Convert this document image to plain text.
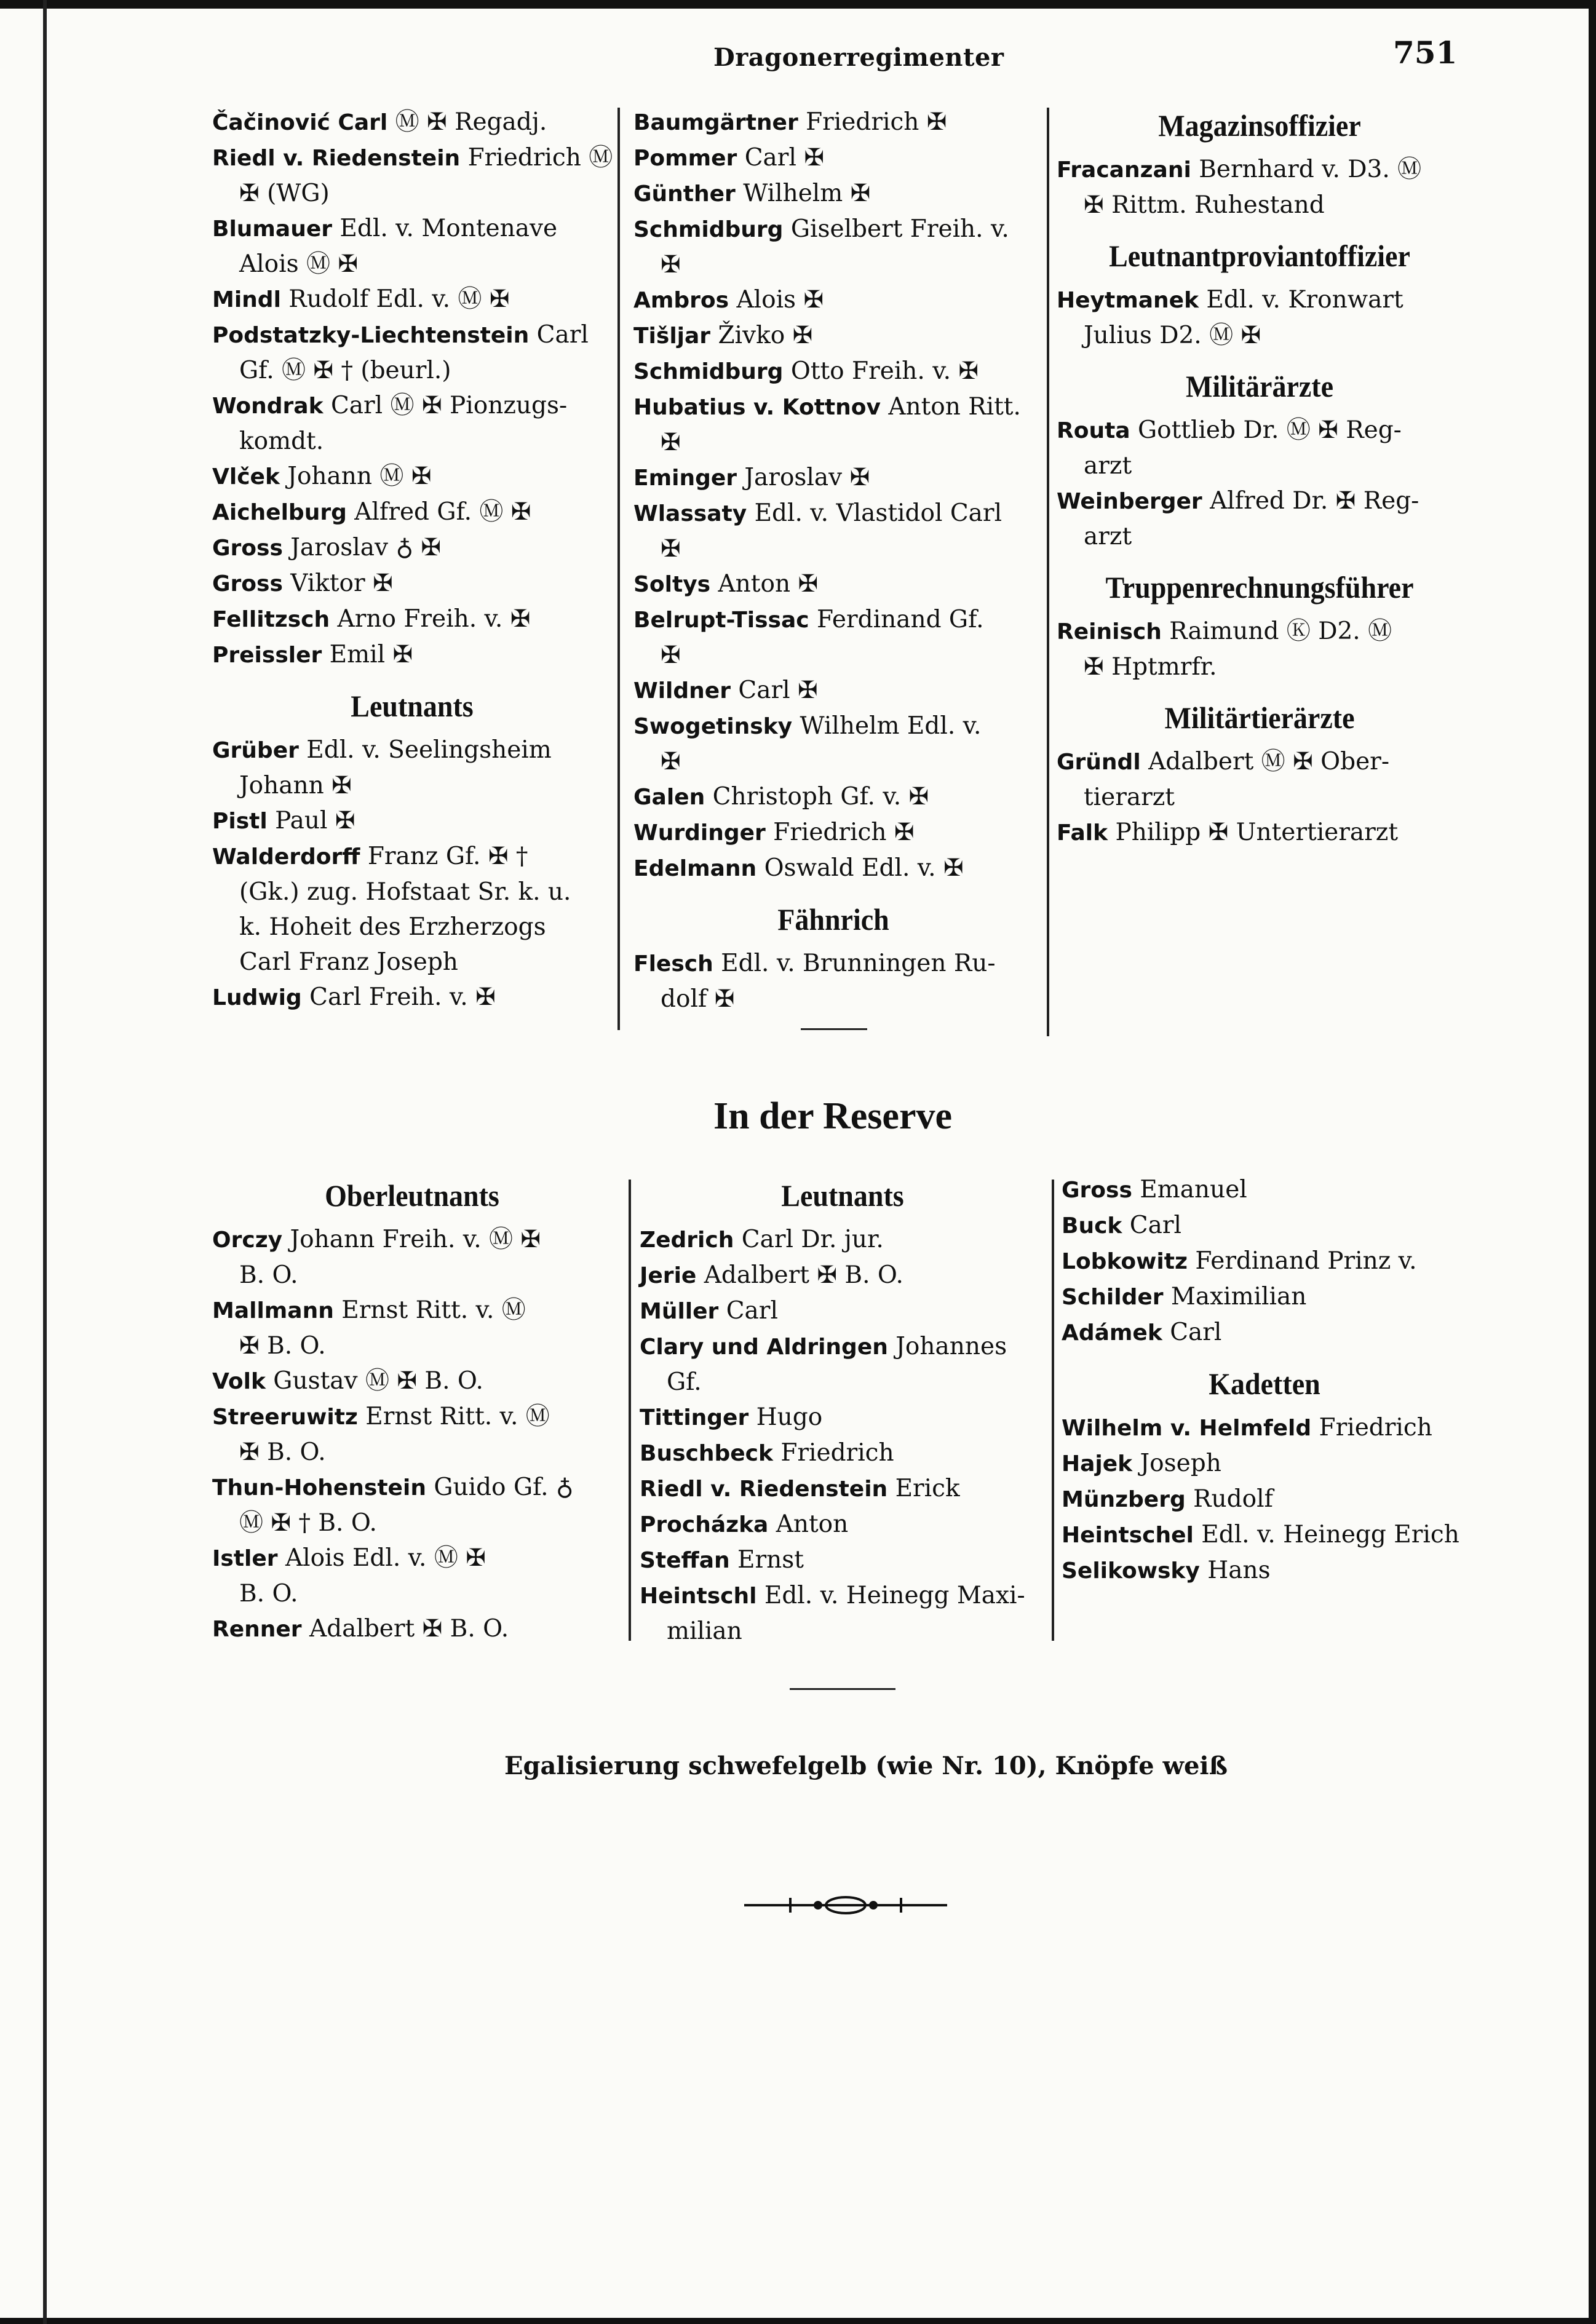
Dragonerregimenter	751
Čačinović Carl Ⓜ ✠ Regadj.
Riedl v. Riedenstein Friedrich Ⓜ
✠ (WG)
Blumauer Edl. v. Montenave
Alois Ⓜ ✠
Mindl Rudolf Edl. v. Ⓜ ✠
Podstatzky-Liechtenstein Carl
Gf. Ⓜ ✠ † (beurl.)
Wondrak Carl Ⓜ ✠ Pionzugs-
komdt.
Vlček Johann Ⓜ ✠
Aichelburg Alfred Gf. Ⓜ ✠
Gross Jaroslav ♁ ✠
Gross Viktor ✠
Fellitzsch Arno Freih. v. ✠
Preissler Emil ✠
Leutnants
Grüber Edl. v. Seelingsheim
Johann ✠
Pistl Paul ✠
Walderdorff Franz Gf. ✠ †
(Gk.) zug. Hofstaat Sr. k. u.
k. Hoheit des Erzherzogs
Carl Franz Joseph
Ludwig Carl Freih. v. ✠
Baumgärtner Friedrich ✠
Pommer Carl ✠
Günther Wilhelm ✠
Schmidburg Giselbert Freih. v.
✠
Ambros Alois ✠
Tišljar Živko ✠
Schmidburg Otto Freih. v. ✠
Hubatius v. Kottnov Anton Ritt.
✠
Eminger Jaroslav ✠
Wlassaty Edl. v. Vlastidol Carl
✠
Soltys Anton ✠
Belrupt-Tissac Ferdinand Gf.
✠
Wildner Carl ✠
Swogetinsky Wilhelm Edl. v.
✠
Galen Christoph Gf. v. ✠
Wurdinger Friedrich ✠
Edelmann Oswald Edl. v. ✠
Fähnrich
Flesch Edl. v. Brunningen Ru-
dolf ✠
Magazinsoffizier
Fracanzani Bernhard v. D3. Ⓜ
✠ Rittm. Ruhestand
Leutnantproviantoffizier
Heytmanek Edl. v. Kronwart
Julius D2. Ⓜ ✠
Militärärzte
Routa Gottlieb Dr. Ⓜ ✠ Reg-
arzt
Weinberger Alfred Dr. ✠ Reg-
arzt
Truppenrechnungsführer
Reinisch Raimund Ⓚ D2. Ⓜ
✠ Hptmrfr.
Militärtierärzte
Gründl Adalbert Ⓜ ✠ Ober-
tierarzt
Falk Philipp ✠ Untertierarzt
In der Reserve
Oberleutnants
Orczy Johann Freih. v. Ⓜ ✠
B. O.
Mallmann Ernst Ritt. v. Ⓜ
✠ B. O.
Volk Gustav Ⓜ ✠ B. O.
Streeruwitz Ernst Ritt. v. Ⓜ
✠ B. O.
Thun-Hohenstein Guido Gf. ♁
Ⓜ ✠ † B. O.
Istler Alois Edl. v. Ⓜ ✠
B. O.
Renner Adalbert ✠ B. O.
Leutnants
Zedrich Carl Dr. jur.
Jerie Adalbert ✠ B. O.
Müller Carl
Clary und Aldringen Johannes
Gf.
Tittinger Hugo
Buschbeck Friedrich
Riedl v. Riedenstein Erick
Procházka Anton
Steffan Ernst
Heintschl Edl. v. Heinegg Maxi-
milian
Gross Emanuel
Buck Carl
Lobkowitz Ferdinand Prinz v.
Schilder Maximilian
Adámek Carl
Kadetten
Wilhelm v. Helmfeld Friedrich
Hajek Joseph
Münzberg Rudolf
Heintschel Edl. v. Heinegg Erich
Selikowsky Hans
Egalisierung schwefelgelb (wie Nr. 10), Knöpfe weiß
